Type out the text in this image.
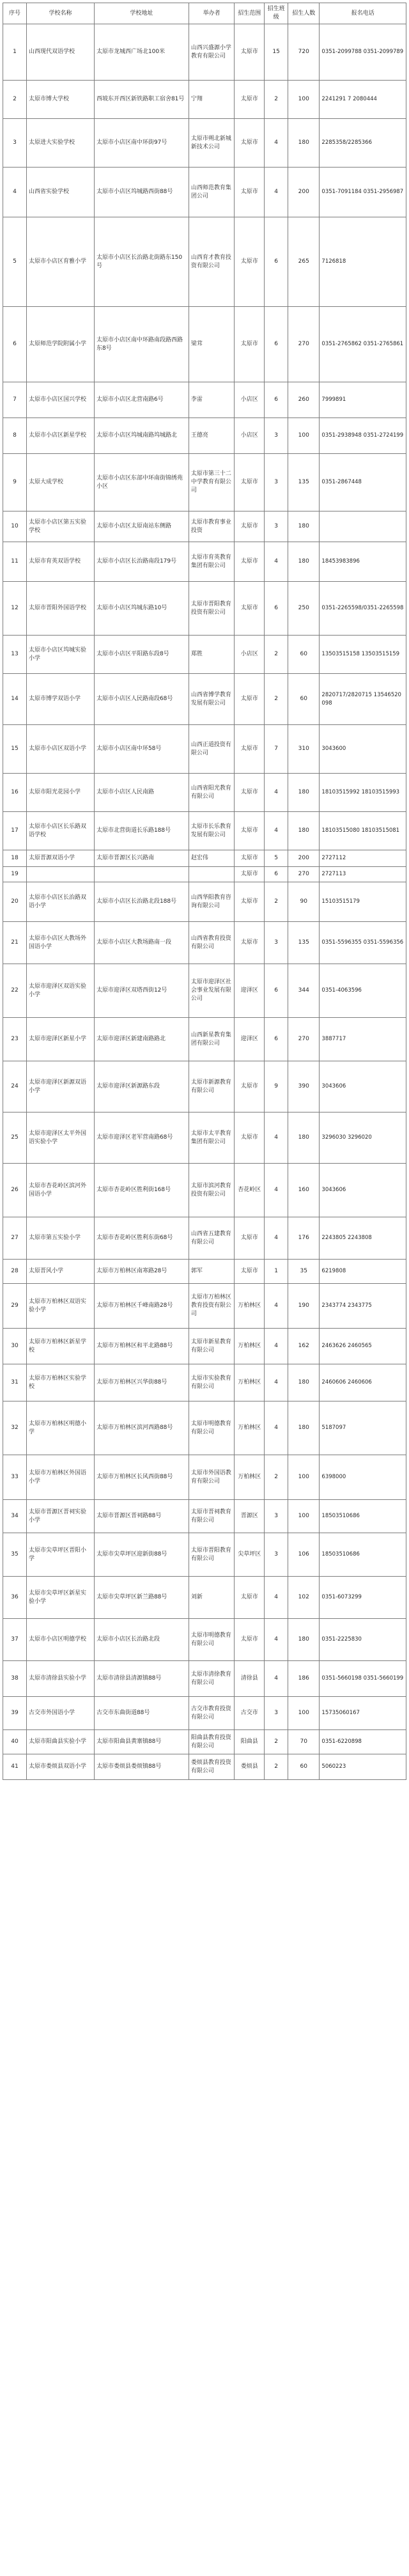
序号	学校名称	学校地址	举办者	招生范围	招生班级	招生人数	报名电话
1	山西现代双语学校	太原市龙城西广场北100米	山西兴盛源小学教育有限公司	太原市	15	720	0351-2099788 0351-2099789
2	太原市博大学校	西坡东开西区新铁路职工宿舍81号	宁翔	太原市	2	100	2241291 7 2080444
3	太原进大实验学校	太原市小店区南中环街97号	太原市朔北新城新技术公司	太原市	4	180	2285358/2285366
4	山西省实验学校	太原市小店区坞城路西街88号	山西师范教育集团公司	太原市	4	200	0351-7091184 0351-2956987
5	太原市小店区育雅小学	太原市小店区长治路北街路东150号	山西育才教育投资有限公司	太原市	6	265	7126818
6	太原师范学院附属小学	太原市小店区南中环路南段路西路东8号	梁茸	太原市	6	270	0351-2765862 0351-2765861
7	太原市小店区国兴学校	太原市小店区北营南路6号	李雷	小店区	6	260	7999891
8	太原市小店区新星学校	太原市小店区坞城南路坞城路北	王德亮	小店区	3	100	0351-2938948 0351-2724199
9	太原大成学校	太原市小店区东部中环南街锦绣苑小区	太原市第三十二中学教育有限公司	太原市	3	135	0351-2867448
10	太原市小店区第五实验学校	太原市小店区太原南站东侧路	太原市教育事业投资	太原市	3	180	
11	太原市育英双语学校	太原市小店区长治路南段179号	太原市育英教育集团有限公司	太原市	4	180	18453983896
12	太原市晋阳外国语学校	太原市小店区坞城东路10号	太原市晋阳教育投资有限公司	太原市	6	250	0351-2265598/0351-2265598
13	太原市小店区坞城实验小学	太原市小店区平阳路东段8号	郑胜	小店区	2	60	13503515158 13503515159
14	太原市博学双语小学	太原市小店区人民路南段68号	山西省博学教育发展有限公司	太原市	2	60	2820717/2820715 13546520098
15	太原市小店区双语小学	太原市小店区南中环58号	山西正道投资有限公司	太原市	7	310	3043600
16	太原市阳光花园小学	太原市小店区人民南路	山西省阳光教育有限公司	太原市	4	180	18103515992 18103515993
17	太原市小店区长乐路双语学校	太原市北营街道长乐路188号	太原市长乐教育发展有限公司	太原市	4	180	18103515080 18103515081
18	太原晋源双语小学	太原市晋源区长兴路南	赵宏伟	太原市	5	200	2727112
19				太原市	6	270	2727113
20	太原市小店区长治路双语小学	太原市小店区长治路北段188号	山西华阳教育咨询有限公司	太原市	2	90	15103515179
21	太原市小店区大教场外国语小学	太原市小店区大教场路南一段	山西省教育投资有限公司	太原市	3	135	0351-5596355 0351-5596356
22	太原市迎泽区双语实验小学	太原市迎泽区双塔西街12号	太原市迎泽区社会事业发展有限公司	迎泽区	6	344	0351-4063596
23	太原市迎泽区新星小学	太原市迎泽区新建南路路北	山西新星教育集团有限公司	迎泽区	6	270	3887717
24	太原市迎泽区新源双语小学	太原市迎泽区新源路东段	太原市新源教育有限公司	太原市	9	390	3043606
25	太原市迎泽区太平外国语实验小学	太原市迎泽区老军营南路68号	太原市太平教育集团有限公司	太原市	4	180	3296030 3296020
26	太原市杏花岭区滨河外国语小学	太原市杏花岭区胜利街168号	太原市滨河教育投资有限公司	杏花岭区	4	160	3043606
27	太原市第五实验小学	太原市杏花岭区胜利东街68号	山西省五建教育有限公司	太原市	4	176	2243805 2243808
28	太原晋风小学	太原市万柏林区南寒路28号	郭军	太原市	1	35	6219808
29	太原市万柏林区双语实验小学	太原市万柏林区千峰南路28号	太原市万柏林区教育投资有限公司	万柏林区	4	190	2343774 2343775
30	太原市万柏林区新星学校	太原市万柏林区和平北路88号	太原市新星教育有限公司	万柏林区	4	162	2463626 2460565
31	太原市万柏林区实验学校	太原市万柏林区兴华街88号	太原市实验教育有限公司	万柏林区	4	180	2460606 2460606
32	太原市万柏林区明德小学	太原市万柏林区滨河西路88号	太原市明德教育有限公司	万柏林区	4	180	5187097
33	太原市万柏林区外国语小学	太原市万柏林区长风西街88号	太原市外国语教育有限公司	万柏林区	2	100	6398000
34	太原市晋源区晋祠实验小学	太原市晋源区晋祠路88号	太原市晋祠教育有限公司	晋源区	3	100	18503510686
35	太原市尖草坪区晋阳小学	太原市尖草坪区迎新街88号	太原市晋阳教育有限公司	尖草坪区	3	106	18503510686
36	太原市尖草坪区新星实验小学	太原市尖草坪区新兰路88号	刘新	太原市	4	102	0351-6073299
37	太原市小店区明德学校	太原市小店区长治路北段	太原市明德教育有限公司	太原市	4	180	0351-2225830
38	太原市清徐县实验小学	太原市清徐县清源镇88号	太原市清徐教育有限公司	清徐县	4	186	0351-5660198 0351-5660199
39	古交市外国语小学	古交市东曲街道88号	古交市教育投资有限公司	古交市	3	100	15735060167
40	太原市阳曲县实验小学	太原市阳曲县黄寨镇88号	阳曲县教育投资有限公司	阳曲县	2	70	0351-6220898
41	太原市娄烦县双语小学	太原市娄烦县娄烦镇88号	娄烦县教育投资有限公司	娄烦县	2	60	5060223
